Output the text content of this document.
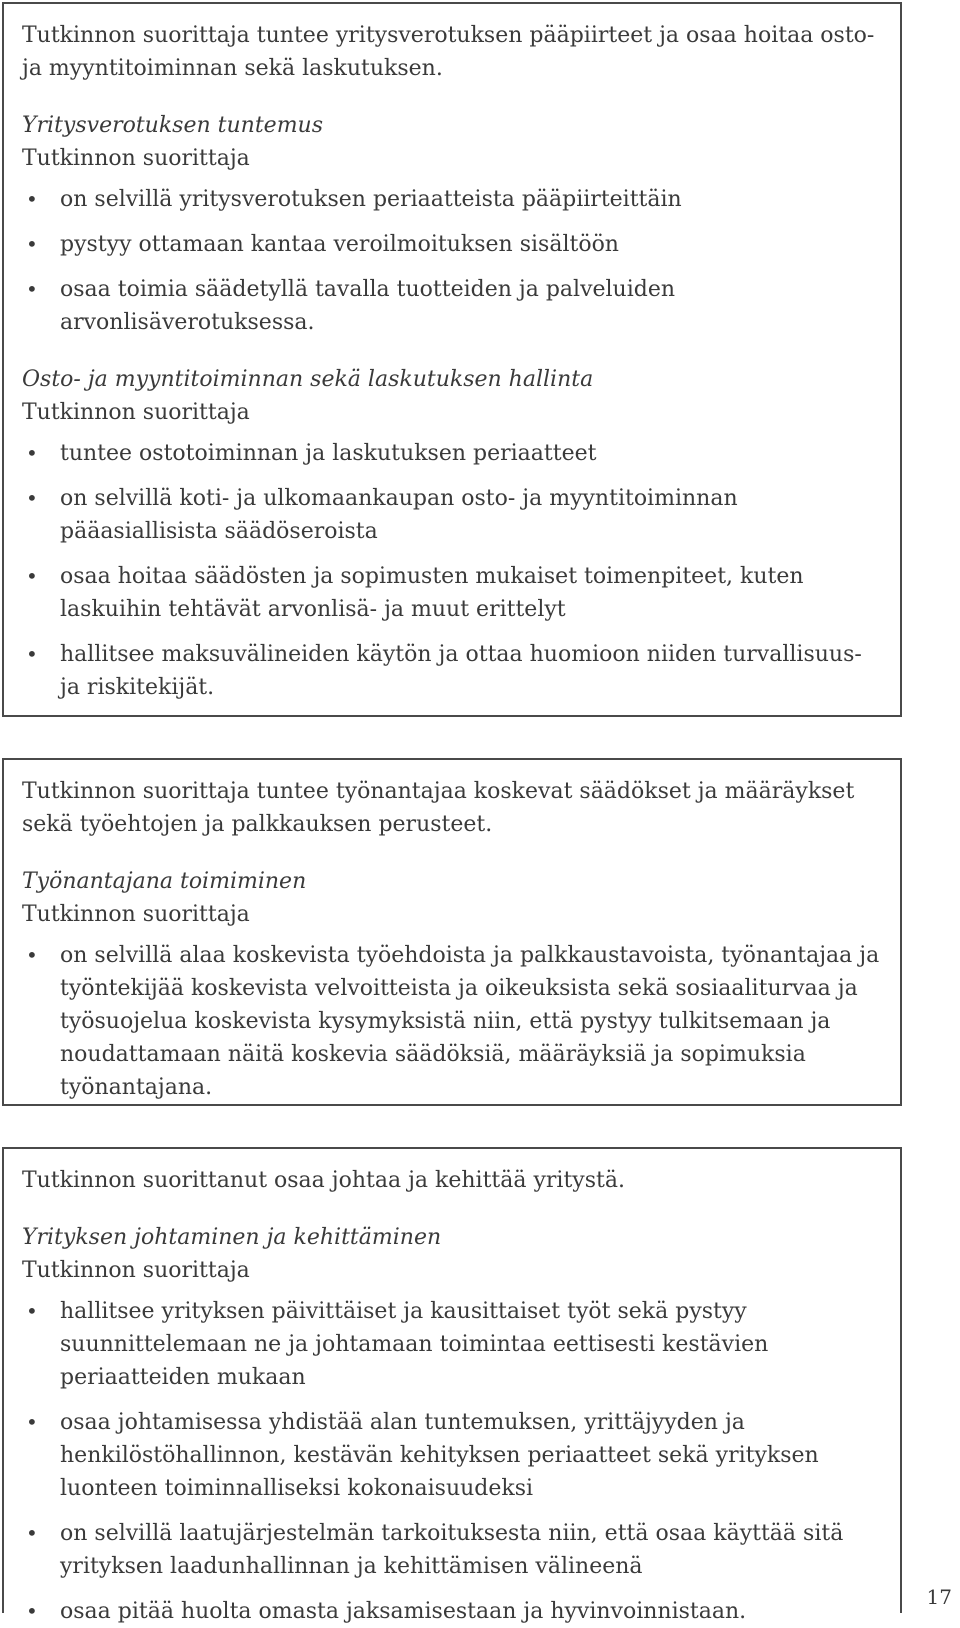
Tutkinnon suorittaja tuntee yritysverotuksen pääpiirteet ja osaa hoitaa osto- ja myyntitoiminnan sekä laskutuksen.

Yritysverotuksen tuntemus

Tutkinnon suorittaja

• on selvillä yritysverotuksen periaatteista pääpiirteittäin
• pystyy ottamaan kantaa veroilmoituksen sisältöön
• osaa toimia säädetyllä tavalla tuotteiden ja palveluiden arvonlisäverotuksessa.

Osto- ja myyntitoiminnan sekä laskutuksen hallinta

Tutkinnon suorittaja

• tuntee ostotoiminnan ja laskutuksen periaatteet
• on selvillä koti- ja ulkomaankaupan osto- ja myyntitoiminnan pääasiallisista säädöseroista
• osaa hoitaa säädösten ja sopimusten mukaiset toimenpiteet, kuten laskuihin tehtävät arvonlisä- ja muut erittelyt
• hallitsee maksuvälineiden käytön ja ottaa huomioon niiden turvallisuus- ja riskitekijät.

Tutkinnon suorittaja tuntee työnantajaa koskevat säädökset ja määräykset sekä työehtojen ja palkkauksen perusteet.

Työnantajana toimiminen

Tutkinnon suorittaja

• on selvillä alaa koskevista työehdoista ja palkkaustavoista, työnantajaa ja työntekijää koskevista velvoitteista ja oikeuksista sekä sosiaaliturvaa ja työsuojelua koskevista kysymyksistä niin, että pystyy tulkitsemaan ja noudattamaan näitä koskevia säädöksiä, määräyksiä ja sopimuksia työnantajana.

Tutkinnon suorittanut osaa johtaa ja kehittää yritystä.

Yrityksen johtaminen ja kehittäminen

Tutkinnon suorittaja

• hallitsee yrityksen päivittäiset ja kausittaiset työt sekä pystyy suunnittelemaan ne ja johtamaan toimintaa eettisesti kestävien periaatteiden mukaan
• osaa johtamisessa yhdistää alan tuntemuksen, yrittäjyyden ja henkilöstöhallinnon, kestävän kehityksen periaatteet sekä yrityksen luonteen toiminnalliseksi kokonaisuudeksi
• on selvillä laatujärjestelmän tarkoituksesta niin, että osaa käyttää sitä yrityksen laadunhallinnan ja kehittämisen välineenä
• osaa pitää huolta omasta jaksamisestaan ja hyvinvoinnistaan.
17
